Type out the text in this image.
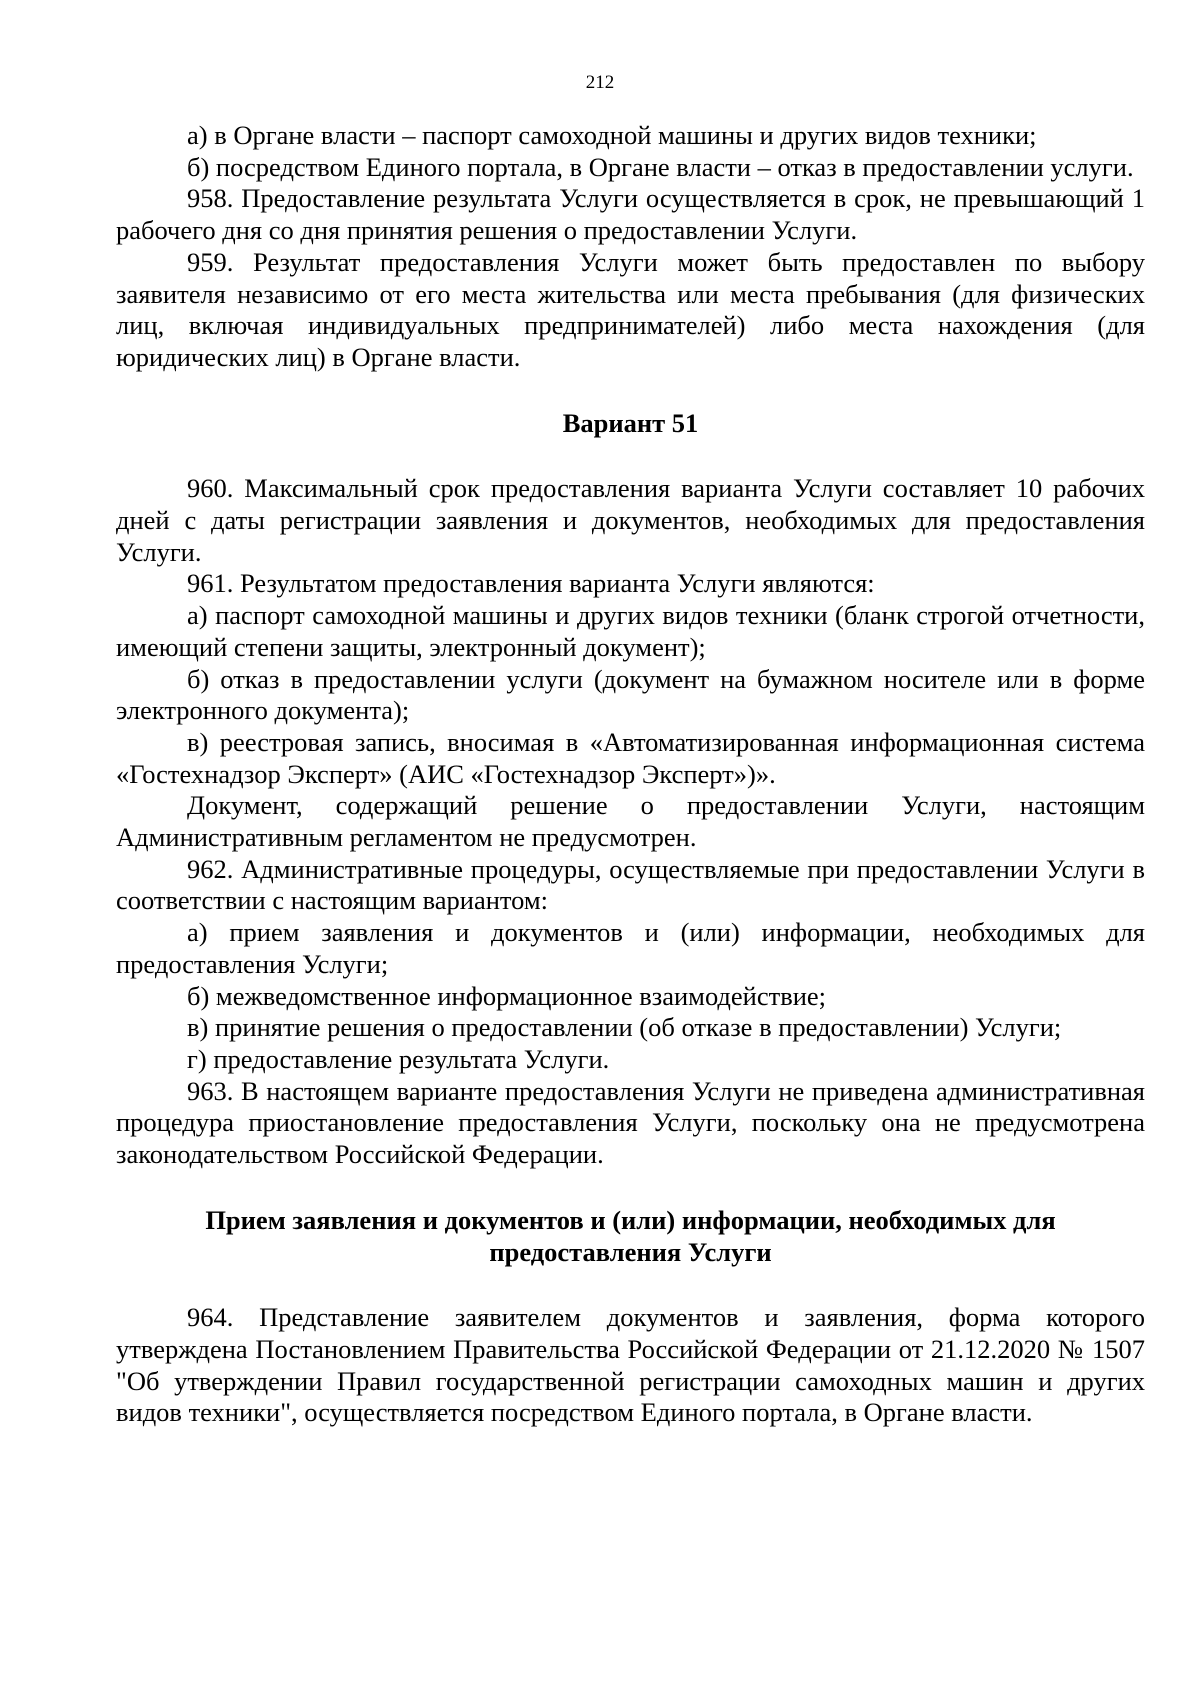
212

а) в Органе власти – паспорт самоходной машины и других видов техники;

б) посредством Единого портала, в Органе власти – отказ в предоставлении услуги.

958. Предоставление результата Услуги осуществляется в срок, не превышающий 1 рабочего дня со дня принятия решения о предоставлении Услуги.

959. Результат предоставления Услуги может быть предоставлен по выбору заявителя независимо от его места жительства или места пребывания (для физических лиц, включая индивидуальных предпринимателей) либо места нахождения (для юридических лиц) в Органе власти.

Вариант 51

960. Максимальный срок предоставления варианта Услуги составляет 10 рабочих дней с даты регистрации заявления и документов, необходимых для предоставления Услуги.

961. Результатом предоставления варианта Услуги являются:

а) паспорт самоходной машины и других видов техники (бланк строгой отчетности, имеющий степени защиты, электронный документ);

б) отказ в предоставлении услуги (документ на бумажном носителе или в форме электронного документа);

в) реестровая запись, вносимая в «Автоматизированная информационная система «Гостехнадзор Эксперт» (АИС «Гостехнадзор Эксперт»)».

Документ, содержащий решение о предоставлении Услуги, настоящим Административным регламентом не предусмотрен.

962. Административные процедуры, осуществляемые при предоставлении Услуги в соответствии с настоящим вариантом:

а) прием заявления и документов и (или) информации, необходимых для предоставления Услуги;

б) межведомственное информационное взаимодействие;

в) принятие решения о предоставлении (об отказе в предоставлении) Услуги;

г) предоставление результата Услуги.

963. В настоящем варианте предоставления Услуги не приведена административная процедура приостановление предоставления Услуги, поскольку она не предусмотрена законодательством Российской Федерации.

Прием заявления и документов и (или) информации, необходимых для предоставления Услуги

964. Представление заявителем документов и заявления, форма которого утверждена Постановлением Правительства Российской Федерации от 21.12.2020 № 1507 "Об утверждении Правил государственной регистрации самоходных машин и других видов техники", осуществляется посредством Единого портала, в Органе власти.
